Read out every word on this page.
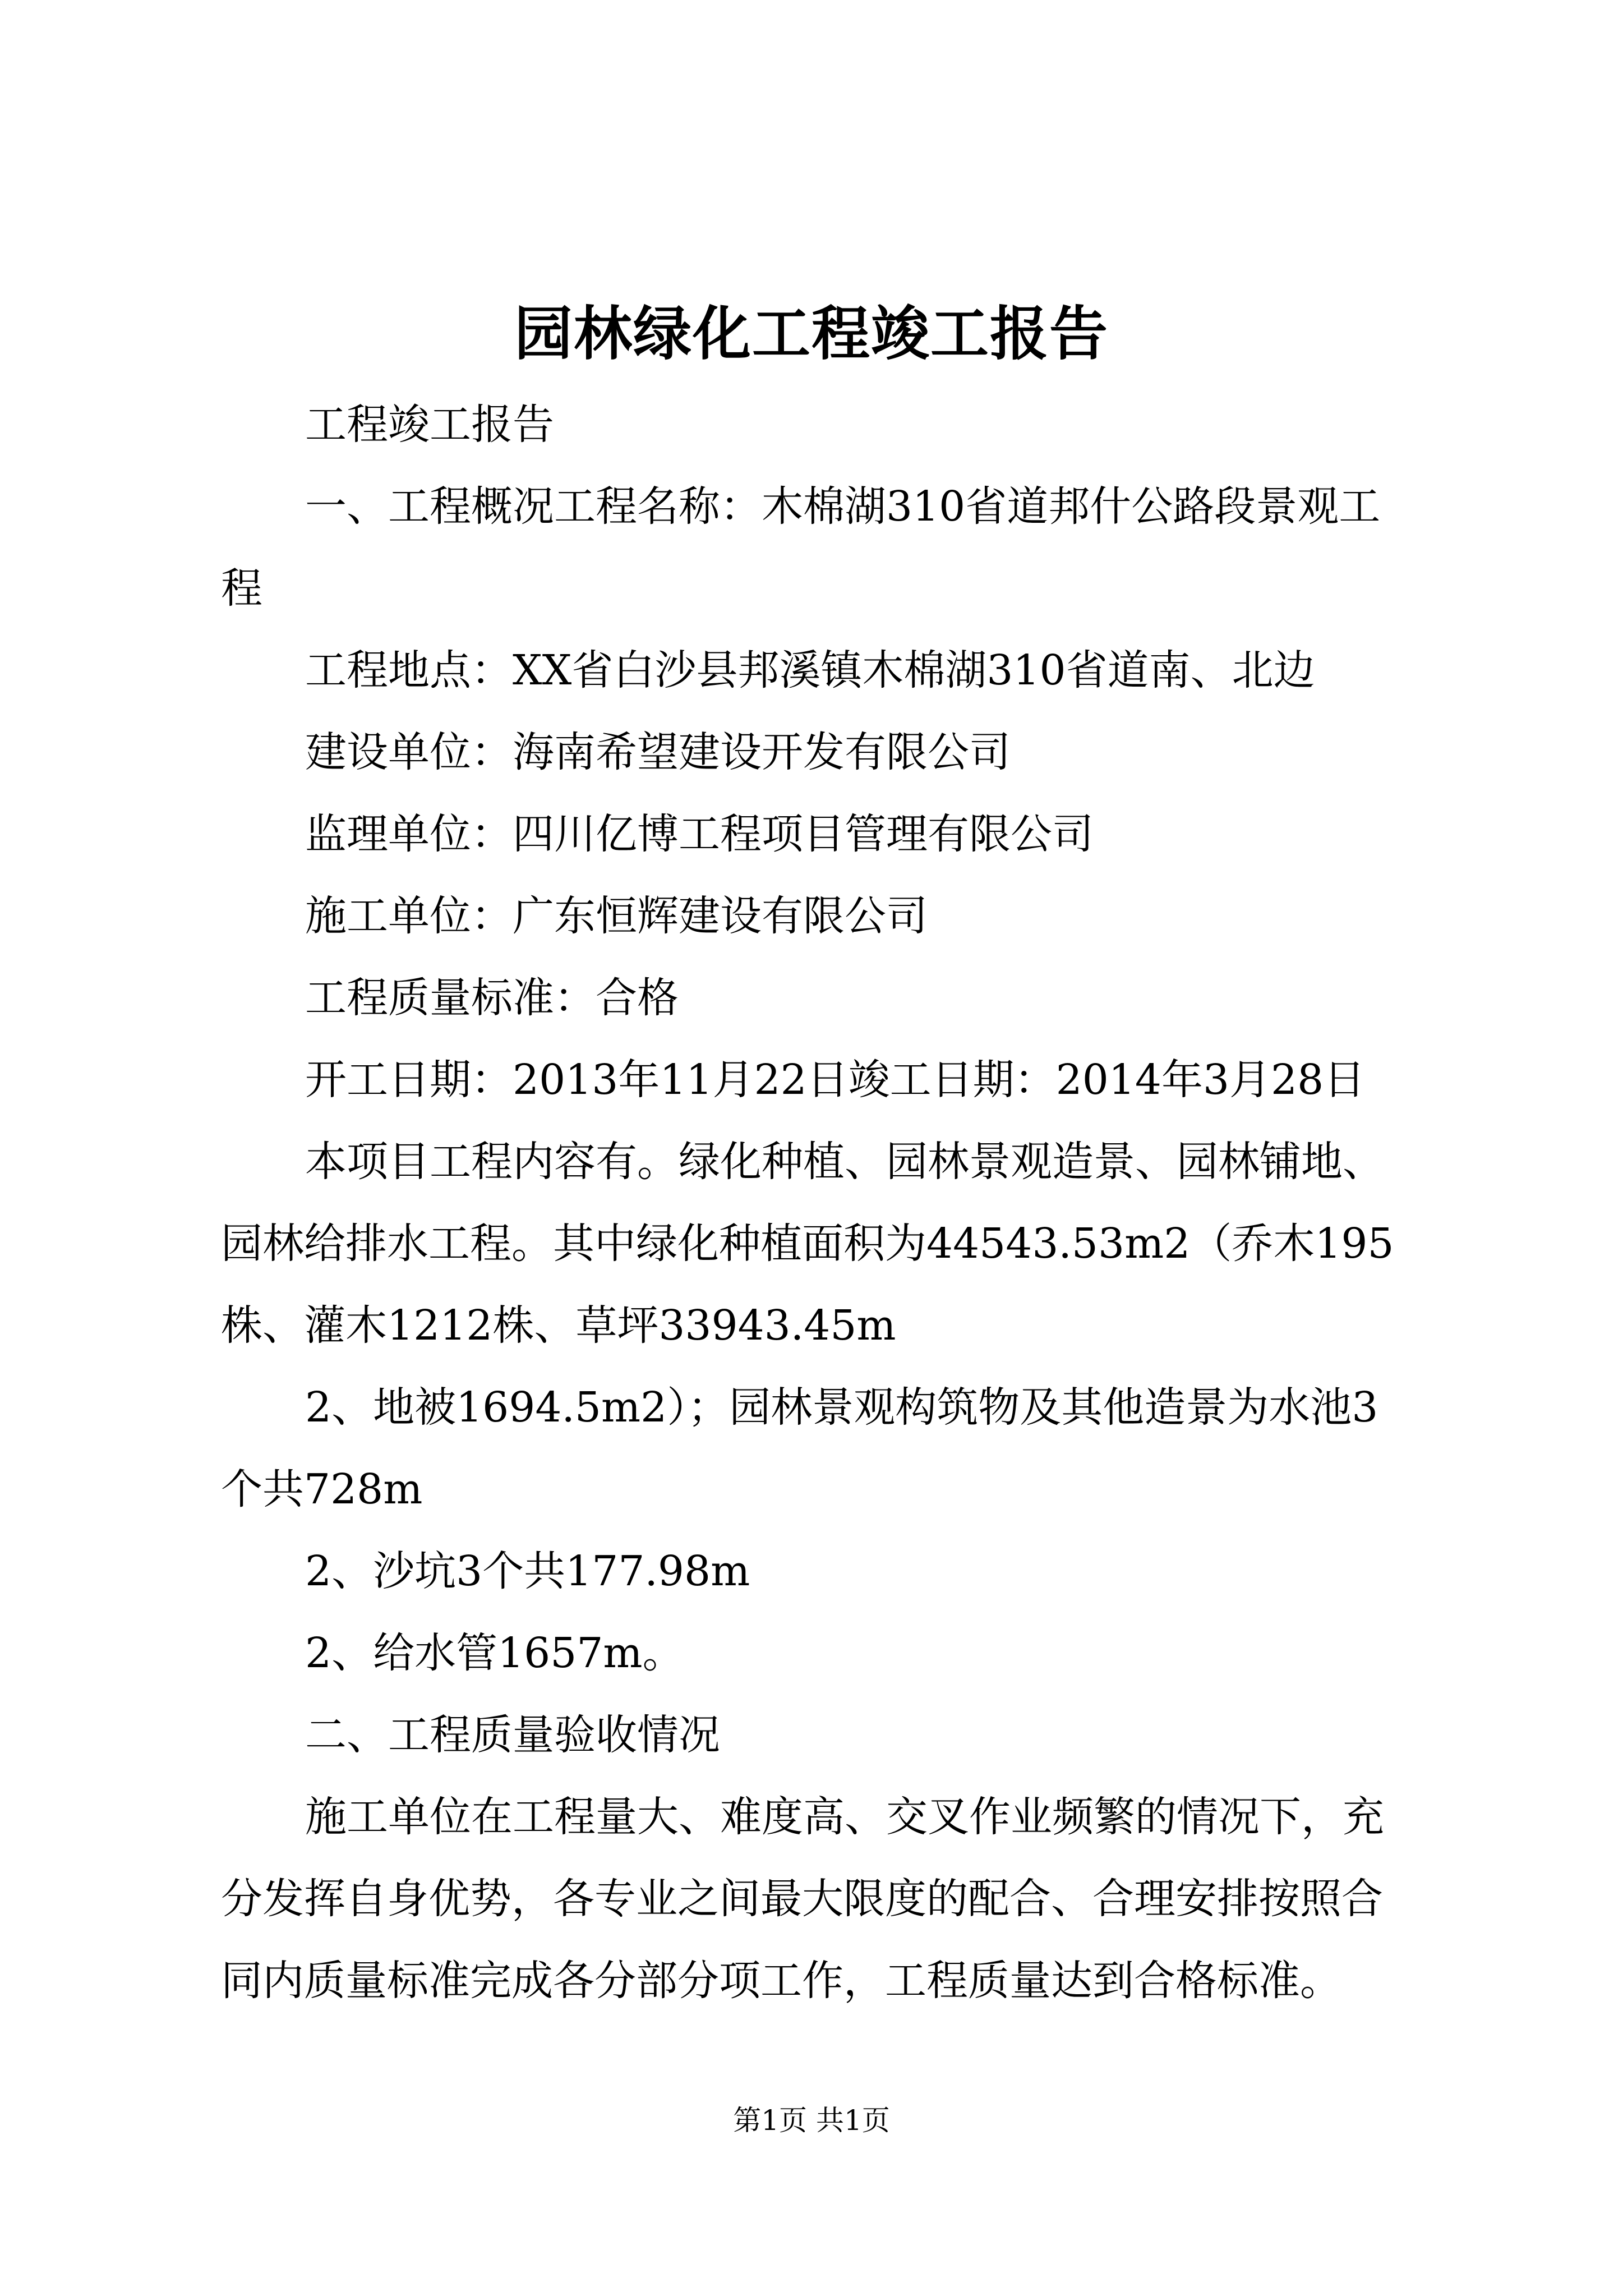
园林绿化工程竣工报告
工程竣工报告
一、工程概况工程名称：木棉湖310省道邦什公路段景观工
程
工程地点：XX省白沙县邦溪镇木棉湖310省道南、北边
建设单位：海南希望建设开发有限公司
监理单位：四川亿博工程项目管理有限公司
施工单位：广东恒辉建设有限公司
工程质量标准：合格
开工日期：2013年11月22日竣工日期：2014年3月28日
本项目工程内容有。绿化种植、园林景观造景、园林铺地、
园林给排水工程。其中绿化种植面积为44543.53m2（乔木195
株、灌木1212株、草坪33943.45m
2、地被1694.5m2）；园林景观构筑物及其他造景为水池3
个共728m
2、沙坑3个共177.98m
2、给水管1657m。
二、工程质量验收情况
施工单位在工程量大、难度高、交叉作业频繁的情况下，充
分发挥自身优势，各专业之间最大限度的配合、合理安排按照合
同内质量标准完成各分部分项工作，工程质量达到合格标准。
第1页 共1页
